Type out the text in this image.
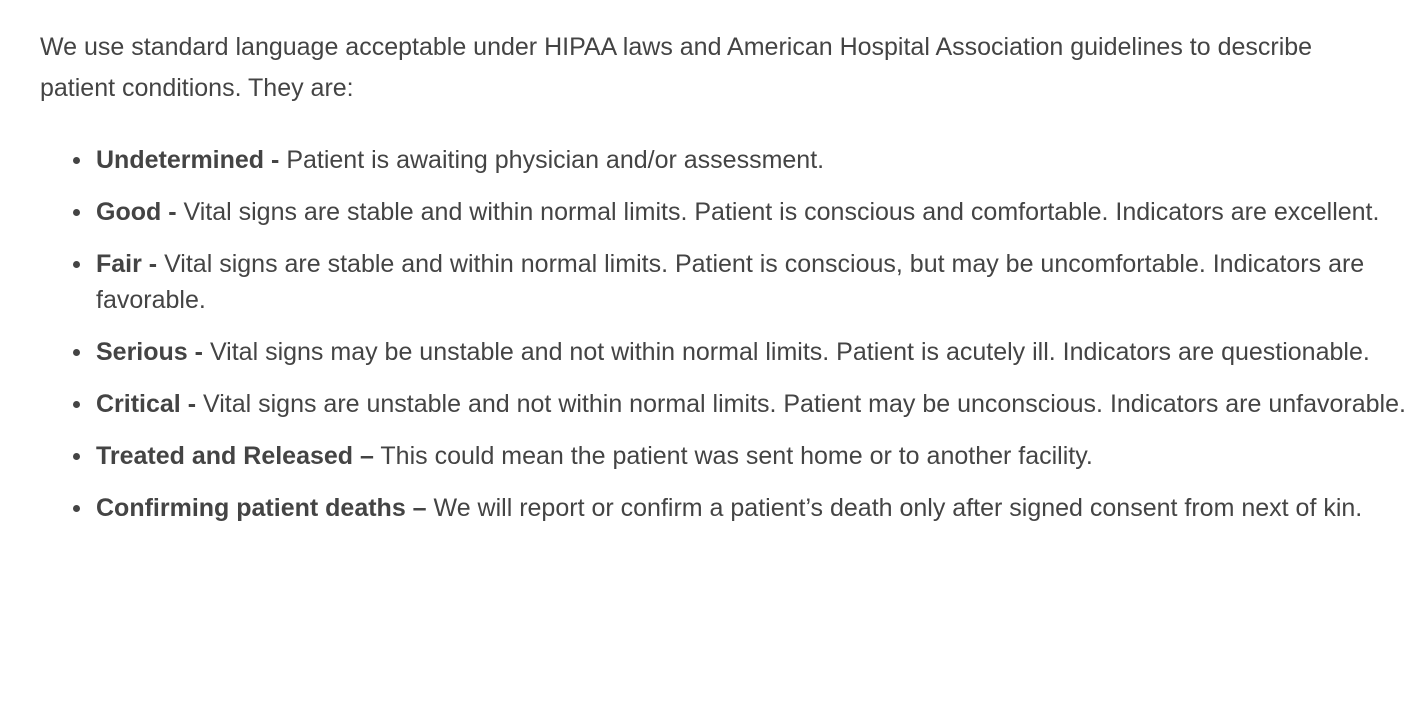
We use standard language acceptable under HIPAA laws and American Hospital Association guidelines to describe patient conditions. They are:

Undetermined - Patient is awaiting physician and/or assessment.
Good - Vital signs are stable and within normal limits. Patient is conscious and comfortable. Indicators are excellent.
Fair - Vital signs are stable and within normal limits. Patient is conscious, but may be uncomfortable. Indicators are favorable.
Serious - Vital signs may be unstable and not within normal limits. Patient is acutely ill. Indicators are questionable.
Critical - Vital signs are unstable and not within normal limits. Patient may be unconscious. Indicators are unfavorable.
Treated and Released – This could mean the patient was sent home or to another facility.
Confirming patient deaths – We will report or confirm a patient’s death only after signed consent from next of kin.
